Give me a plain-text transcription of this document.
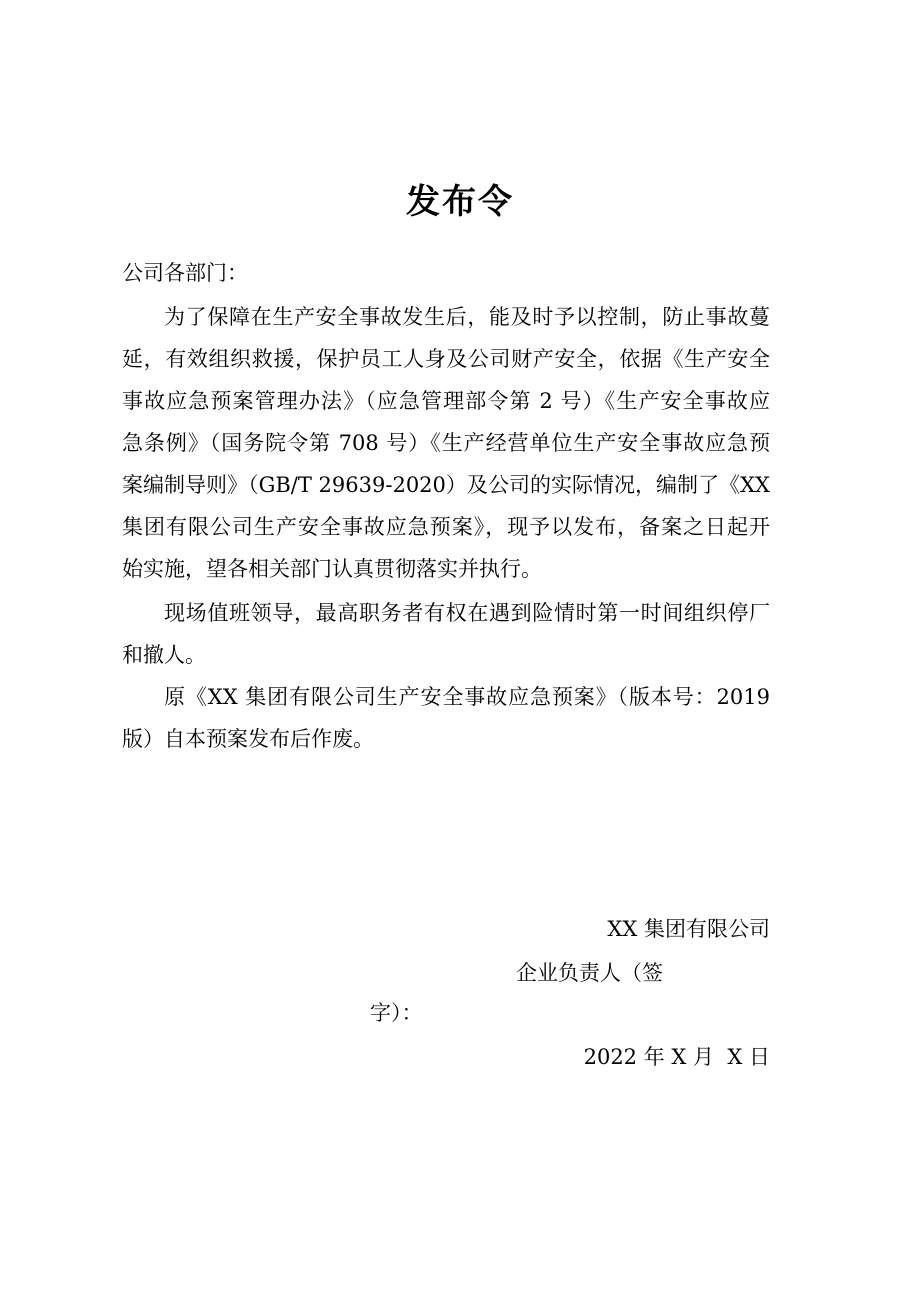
发布令
公司各部门：
为了保障在生产安全事故发生后，能及时予以控制，防止事故蔓
延，有效组织救援，保护员工人身及公司财产安全，依据《生产安全
事故应急预案管理办法》（应急管理部令第 2 号）《生产安全事故应
急条例》（国务院令第 708 号）《生产经营单位生产安全事故应急预
案编制导则》（GB/T 29639-2020）及公司的实际情况，编制了《XX
集团有限公司生产安全事故应急预案》，现予以发布，备案之日起开
始实施，望各相关部门认真贯彻落实并执行。
现场值班领导，最高职务者有权在遇到险情时第一时间组织停厂
和撤人。
原《XX 集团有限公司生产安全事故应急预案》（版本号：2019
版）自本预案发布后作废。
XX 集团有限公司
企业负责人（签
字）：
2022 年 X 月  X 日
